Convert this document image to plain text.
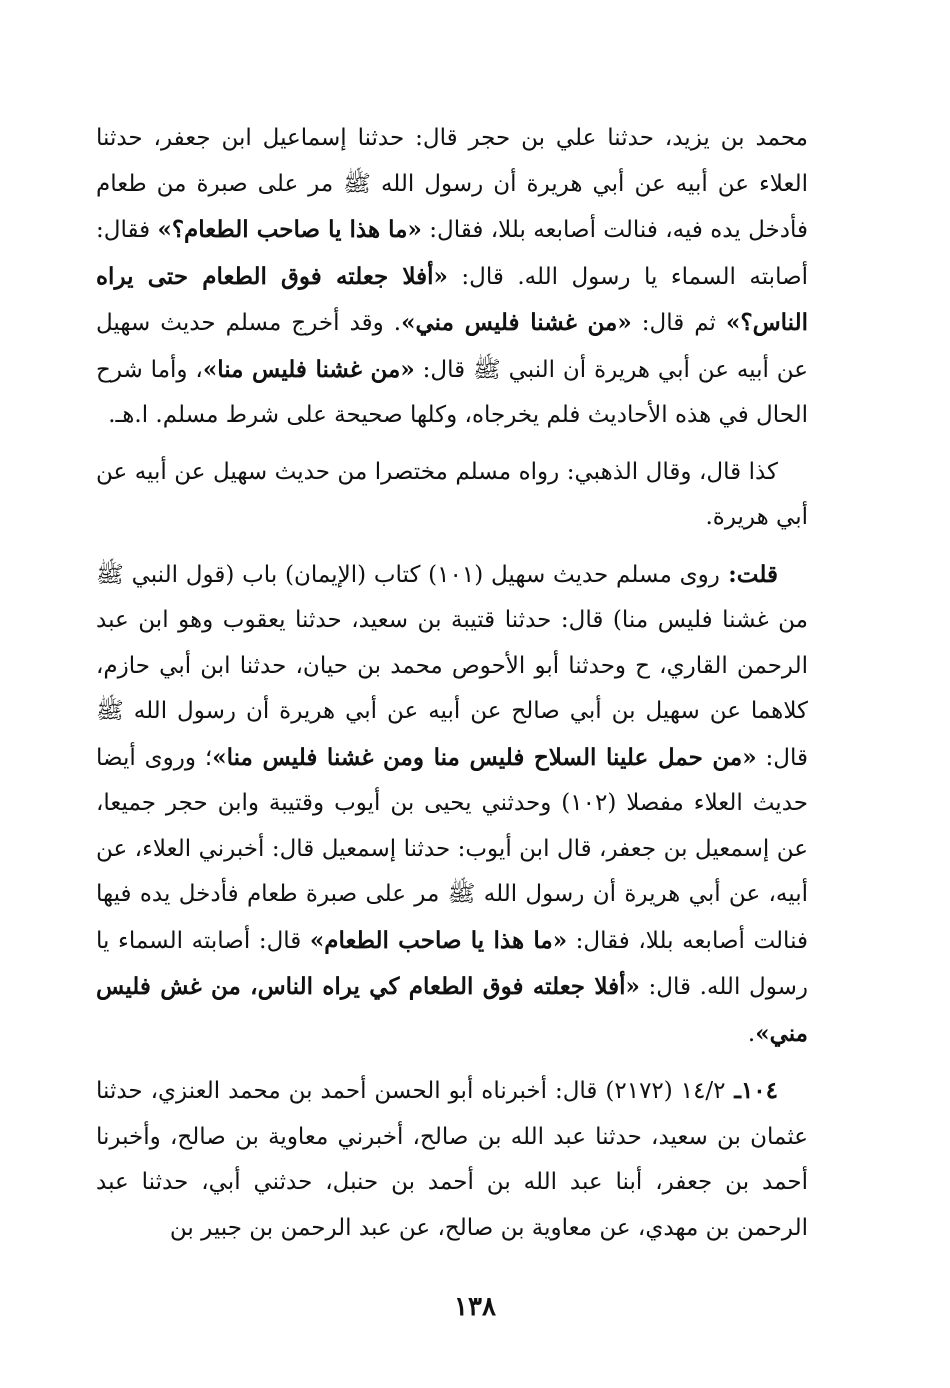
محمد بن يزيد، حدثنا علي بن حجر قال: حدثنا إسماعيل ابن جعفر، حدثنا العلاء عن أبيه عن أبي هريرة أن رسول الله ﷺ مر على صبرة من طعام فأدخل يده فيه، فنالت أصابعه بللا، فقال: «ما هذا يا صاحب الطعام؟» فقال: أصابته السماء يا رسول الله. قال: «أفلا جعلته فوق الطعام حتى يراه الناس؟» ثم قال: «من غشنا فليس مني». وقد أخرج مسلم حديث سهيل عن أبيه عن أبي هريرة أن النبي ﷺ قال: «من غشنا فليس منا»، وأما شرح الحال في هذه الأحاديث فلم يخرجاه، وكلها صحيحة على شرط مسلم. ا.هـ.

كذا قال، وقال الذهبي: رواه مسلم مختصرا من حديث سهيل عن أبيه عن أبي هريرة.

قلت: روى مسلم حديث سهيل (١٠١) كتاب (الإيمان) باب (قول النبي ﷺ من غشنا فليس منا) قال: حدثنا قتيبة بن سعيد، حدثنا يعقوب وهو ابن عبد الرحمن القاري، ح وحدثنا أبو الأحوص محمد بن حيان، حدثنا ابن أبي حازم، كلاهما عن سهيل بن أبي صالح عن أبيه عن أبي هريرة أن رسول الله ﷺ قال: «من حمل علينا السلاح فليس منا ومن غشنا فليس منا»؛ وروى أيضا حديث العلاء مفصلا (١٠٢) وحدثني يحيى بن أيوب وقتيبة وابن حجر جميعا، عن إسمعيل بن جعفر، قال ابن أيوب: حدثنا إسمعيل قال: أخبرني العلاء، عن أبيه، عن أبي هريرة أن رسول الله ﷺ مر على صبرة طعام فأدخل يده فيها فنالت أصابعه بللا، فقال: «ما هذا يا صاحب الطعام» قال: أصابته السماء يا رسول الله. قال: «أفلا جعلته فوق الطعام كي يراه الناس، من غش فليس مني».

١٠٤ـ ١٤/٢ (٢١٧٢) قال: أخبرناه أبو الحسن أحمد بن محمد العنزي، حدثنا عثمان بن سعيد، حدثنا عبد الله بن صالح، أخبرني معاوية بن صالح، وأخبرنا أحمد بن جعفر، أبنا عبد الله بن أحمد بن حنبل، حدثني أبي، حدثنا عبد الرحمن بن مهدي، عن معاوية بن صالح، عن عبد الرحمن بن جبير بن

١٣٨
